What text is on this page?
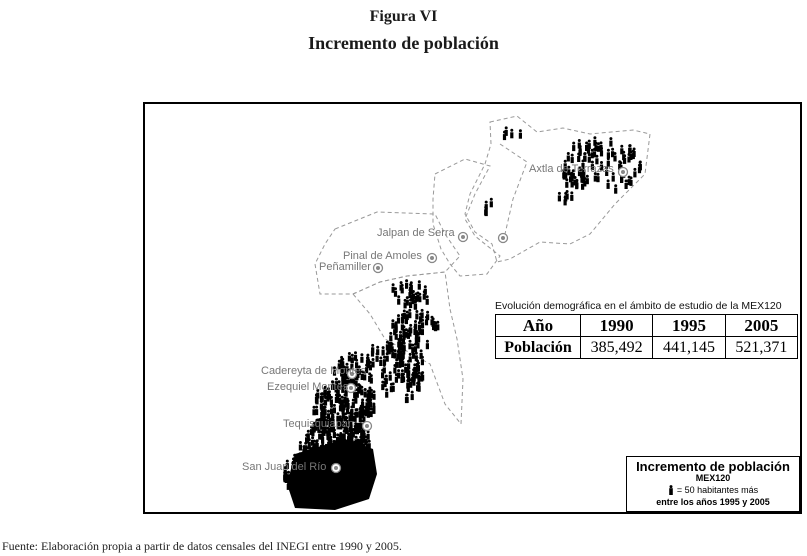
Figura VI
Incremento de población
Axtla de Terrazas
Jalpan de Serra
Pinal de Amoles
Peñamiller
Cadereyta de Montes
Ezequiel Montes
Tequisquiapan
San Juan del Río
Evolución demográfica en el ámbito de estudio de la MEX120
Año	1990	1995	2005
Población	385,492	441,145	521,371
Incremento de población
MEX120
= 50 habitantes más
entre los años 1995 y 2005
Fuente: Elaboración propia a partir de datos censales del INEGI entre 1990 y 2005.
